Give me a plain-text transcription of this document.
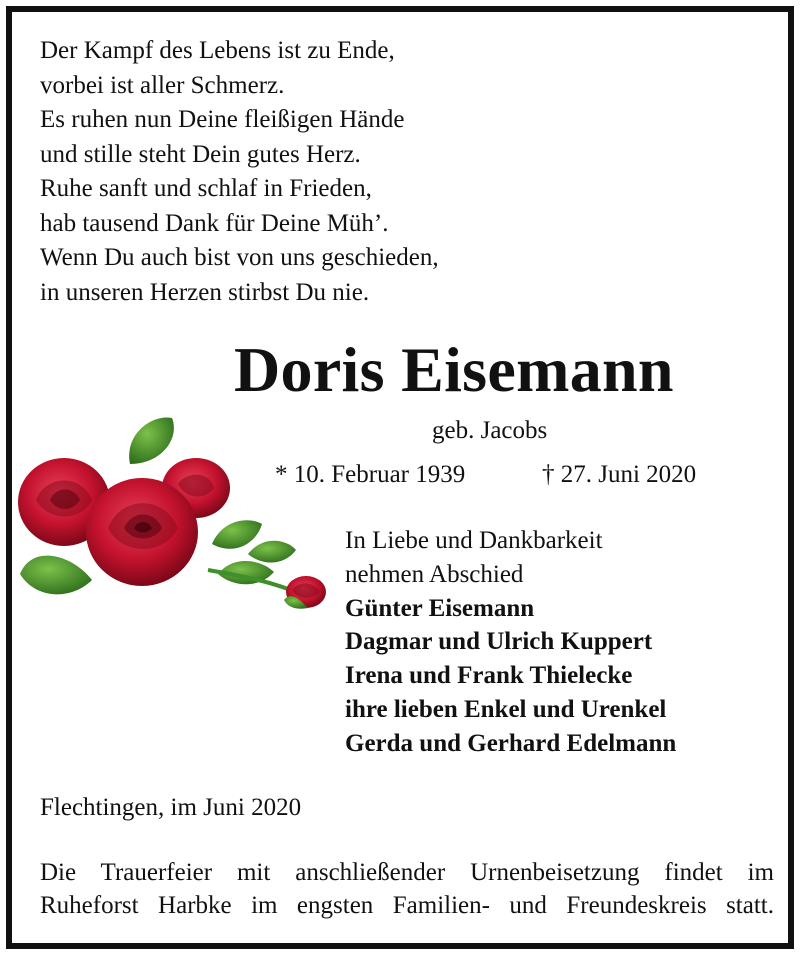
Der Kampf des Lebens ist zu Ende,
vorbei ist aller Schmerz.
Es ruhen nun Deine fleißigen Hände
und stille steht Dein gutes Herz.
Ruhe sanft und schlaf in Frieden,
hab tausend Dank für Deine Müh’.
Wenn Du auch bist von uns geschieden,
in unseren Herzen stirbst Du nie.
Doris Eisemann
geb. Jacobs
* 10. Februar 1939	† 27. Juni 2020
In Liebe und Dankbarkeit
nehmen Abschied
Günter Eisemann
Dagmar und Ulrich Kuppert
Irena und Frank Thielecke
ihre lieben Enkel und Urenkel
Gerda und Gerhard Edelmann
Flechtingen, im Juni 2020
Die Trauerfeier mit anschließender Urnenbeisetzung findet im
Ruheforst Harbke im engsten Familien- und Freundeskreis statt.
